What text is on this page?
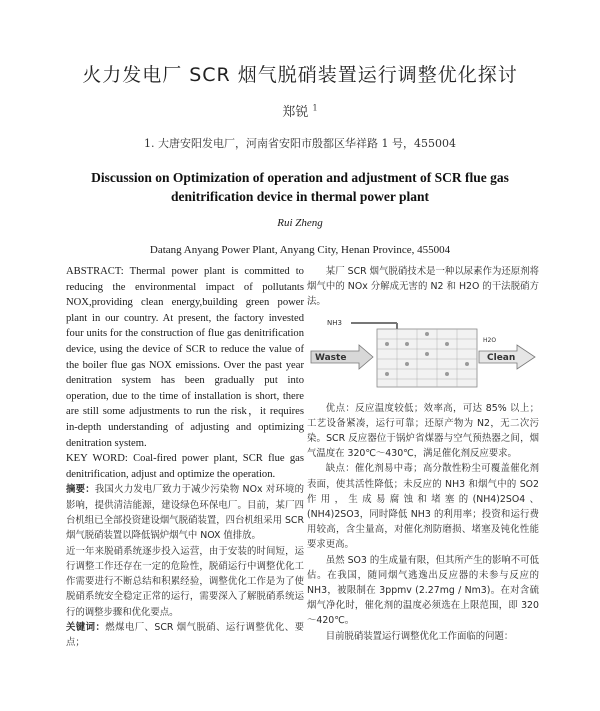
火力发电厂 SCR 烟气脱硝装置运行调整优化探讨
郑锐 $^1$
1. 大唐安阳发电厂，河南省安阳市殷都区华祥路 1 号，455004
Discussion on Optimization of operation and adjustment of SCR flue gas denitrification device in thermal power plant
Rui Zheng
Datang Anyang Power Plant, Anyang City, Henan Province, 455004

ABSTRACT: Thermal power plant is committed to reducing the environmental impact of pollutants NOX,providing clean energy,building green power plant in our country. At present, the factory invested four units for the construction of flue gas denitrification device, using the device of SCR to reduce the value of the boiler flue gas NOX emissions. Over the past year denitration system has been gradually put into operation, due to the time of installation is short, there are still some adjustments to run the risk，it requires in-depth understanding of adjusting and optimizing denitration system.

KEY WORD: Coal-fired power plant, SCR flue gas denitrification, adjust and optimize the operation.

摘要：我国火力发电厂致力于减少污染物 NOx 对环境的影响，提供清洁能源，建设绿色环保电厂。目前，某厂四台机组已全部投资建设烟气脱硝装置，四台机组采用 SCR 烟气脱硝装置以降低锅炉烟气中 NOX 值排放。

近一年来脱硝系统逐步投入运营，由于安装的时间短，运行调整工作还存在一定的危险性，脱硝运行中调整优化工作需要进行不断总结和积累经验，调整优化工作是为了使脱硝系统安全稳定正常的运行，需要深入了解脱硝系统运行的调整步骤和优化要点。

关键词：燃煤电厂、SCR 烟气脱硝、运行调整优化、要点；

某厂 SCR 烟气脱硝技术是一种以尿素作为还原剂将烟气中的 NOx 分解成无害的 N2 和 H2O 的干法脱硝方法。

Waste	Clean
NH3
H2O

优点：反应温度较低；效率高，可达 85% 以上；工艺设备紧凑，运行可靠；还原产物为 N2，无二次污染。SCR 反应器位于锅炉省煤器与空气预热器之间，烟气温度在 320℃～430℃，满足催化剂反应要求。

缺点：催化剂易中毒；高分散性粉尘可覆盖催化剂表面，使其活性降低；未反应的 NH3 和烟气中的 SO2 作用，生成易腐蚀和堵塞的(NH4)2SO4、(NH4)2SO3，同时降低 NH3 的利用率；投资和运行费用较高，含尘量高，对催化剂防磨损、堵塞及钝化性能要求更高。

虽然 SO3 的生成量有限，但其所产生的影响不可低估。在我国，随同烟气逃逸出反应器的未参与反应的 NH3，被限制在 3ppmv (2.27mg / Nm3)。在对含硫烟气净化时，催化剂的温度必须选在上限范围，即 320～420℃。

目前脱硝装置运行调整优化工作面临的问题：
